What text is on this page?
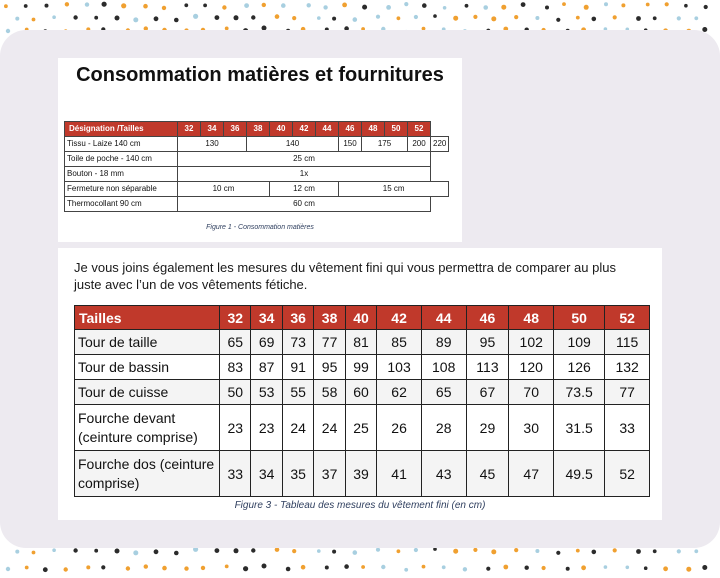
Consommation matières et fournitures
Désignation /Tailles	32	34	36	38	40	42	44	46	48	50	52	
Tissu - Laize 140 cm	130			140				150	175		200	220
Toile de poche - 140 cm	25 cm											
Bouton - 18 mm	1x											
Fermeture non séparable	10 cm				12 cm			15 cm				
Thermocollant 90 cm	60 cm											
Figure 1 - Consommation matières
Je vous joins également les mesures du vêtement fini qui vous permettra de comparer au plus juste avec l’un de vos vêtements fétiche.
Tailles	32	34	36	38	40	42	44	46	48	50	52
Tour de taille	65	69	73	77	81	85	89	95	102	109	115
Tour de bassin	83	87	91	95	99	103	108	113	120	126	132
Tour de cuisse	50	53	55	58	60	62	65	67	70	73.5	77
Fourche devant (ceinture comprise)	23	23	24	24	25	26	28	29	30	31.5	33
Fourche dos (ceinture comprise)	33	34	35	37	39	41	43	45	47	49.5	52
Figure 3 - Tableau des mesures du vêtement fini (en cm)
